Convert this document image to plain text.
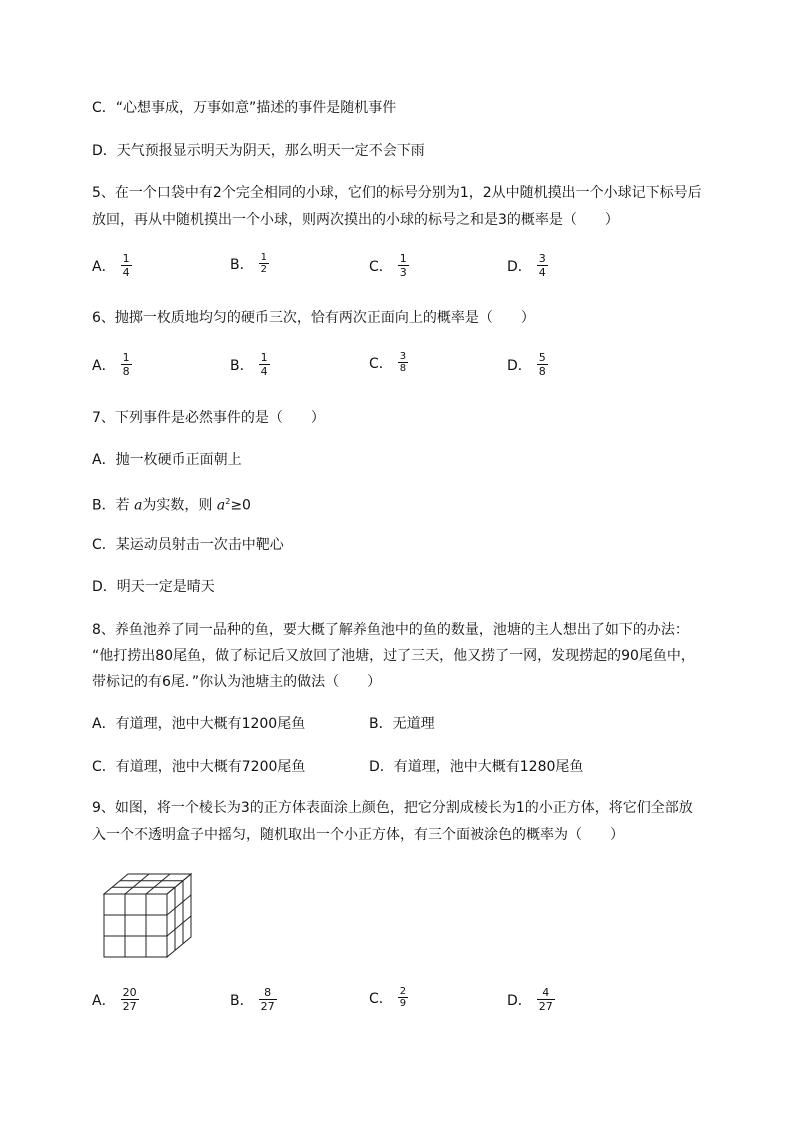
C．“心想事成，万事如意”描述的事件是随机事件
D．天气预报显示明天为阴天，那么明天一定不会下雨
5、在一个口袋中有2个完全相同的小球，它们的标号分别为1，2从中随机摸出一个小球记下标号后
放回，再从中随机摸出一个小球，则两次摸出的小球的标号之和是3的概率是（　　）
A． $\frac{1}{4}$	B． $\frac{1}{2}$	C． $\frac{1}{3}$	D． $\frac{3}{4}$
6、抛掷一枚质地均匀的硬币三次，恰有两次正面向上的概率是（　　）
A． $\frac{1}{8}$	B． $\frac{1}{4}$	C． $\frac{3}{8}$	D． $\frac{5}{8}$
7、下列事件是必然事件的是（　　）
A．抛一枚硬币正面朝上
B．若 a为实数，则 $a^2\ge 0$
C．某运动员射击一次击中靶心
D．明天一定是晴天
8、养鱼池养了同一品种的鱼，要大概了解养鱼池中的鱼的数量，池塘的主人想出了如下的办法：
“他打捞出80尾鱼，做了标记后又放回了池塘，过了三天，他又捞了一网，发现捞起的90尾鱼中，
带标记的有6尾．”你认为池塘主的做法（　　）
A．有道理，池中大概有1200尾鱼	B．无道理
C．有道理，池中大概有7200尾鱼	D．有道理，池中大概有1280尾鱼
9、如图，将一个棱长为3的正方体表面涂上颜色，把它分割成棱长为1的小正方体，将它们全部放
入一个不透明盒子中摇匀，随机取出一个小正方体，有三个面被涂色的概率为（　　）
A． $\frac{20}{27}$	B． $\frac{8}{27}$	C． $\frac{2}{9}$	D． $\frac{4}{27}$
